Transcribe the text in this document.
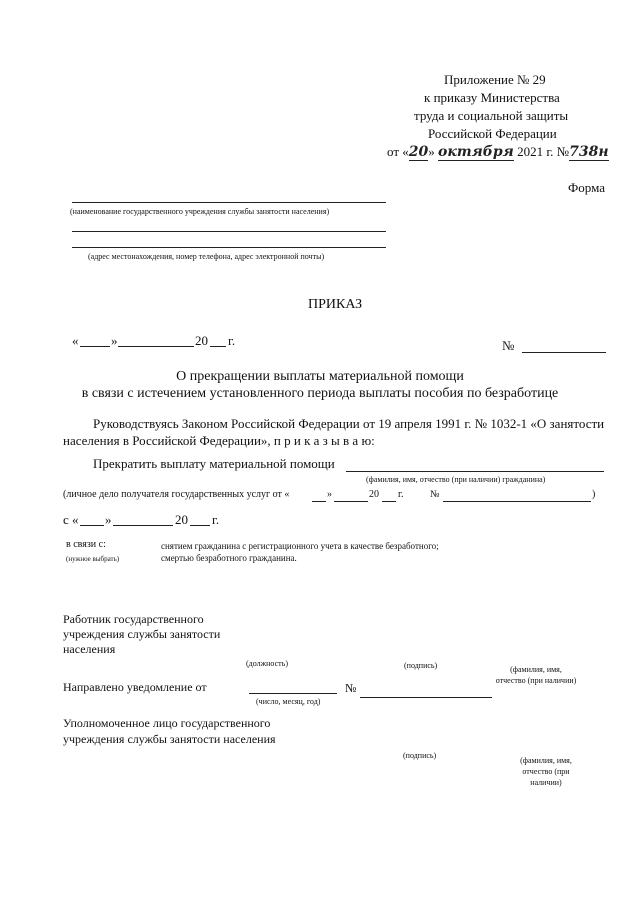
Приложение № 29
к приказу Министерства
труда и социальной защиты
Российской Федерации
от «20» октября 2021 г. №738н
Форма
(наименование государственного учреждения службы занятости населения)
(адрес местонахождения, номер телефона, адрес электронной почты)
ПРИКАЗ
«	»	20 г.	№
О прекращении выплаты материальной помощи
в связи с истечением установленного периода выплаты пособия по безработице
Руководствуясь Законом Российской Федерации от 19 апреля 1991 г. № 1032-1 «О занятости
населения в Российской Федерации», п р и к а з ы в а ю:
Прекратить выплату материальной помощи
(фамилия, имя, отчество (при наличии) гражданина)
(личное дело получателя государственных услуг от «	»	20 г.	№	)
с « »	20 г.
в связи с:
(нужное выбрать)
снятием гражданина с регистрационного учета в качестве безработного;
смертью безработного гражданина.
Работник государственного
учреждения службы занятости
населения
(должность)	(подпись)	(фамилия, имя,
отчество (при наличии)
Направлено уведомление от	№
(число, месяц, год)
Уполномоченное лицо государственного
учреждения службы занятости населения
(подпись)
(фамилия, имя,
отчество (при
наличии)
